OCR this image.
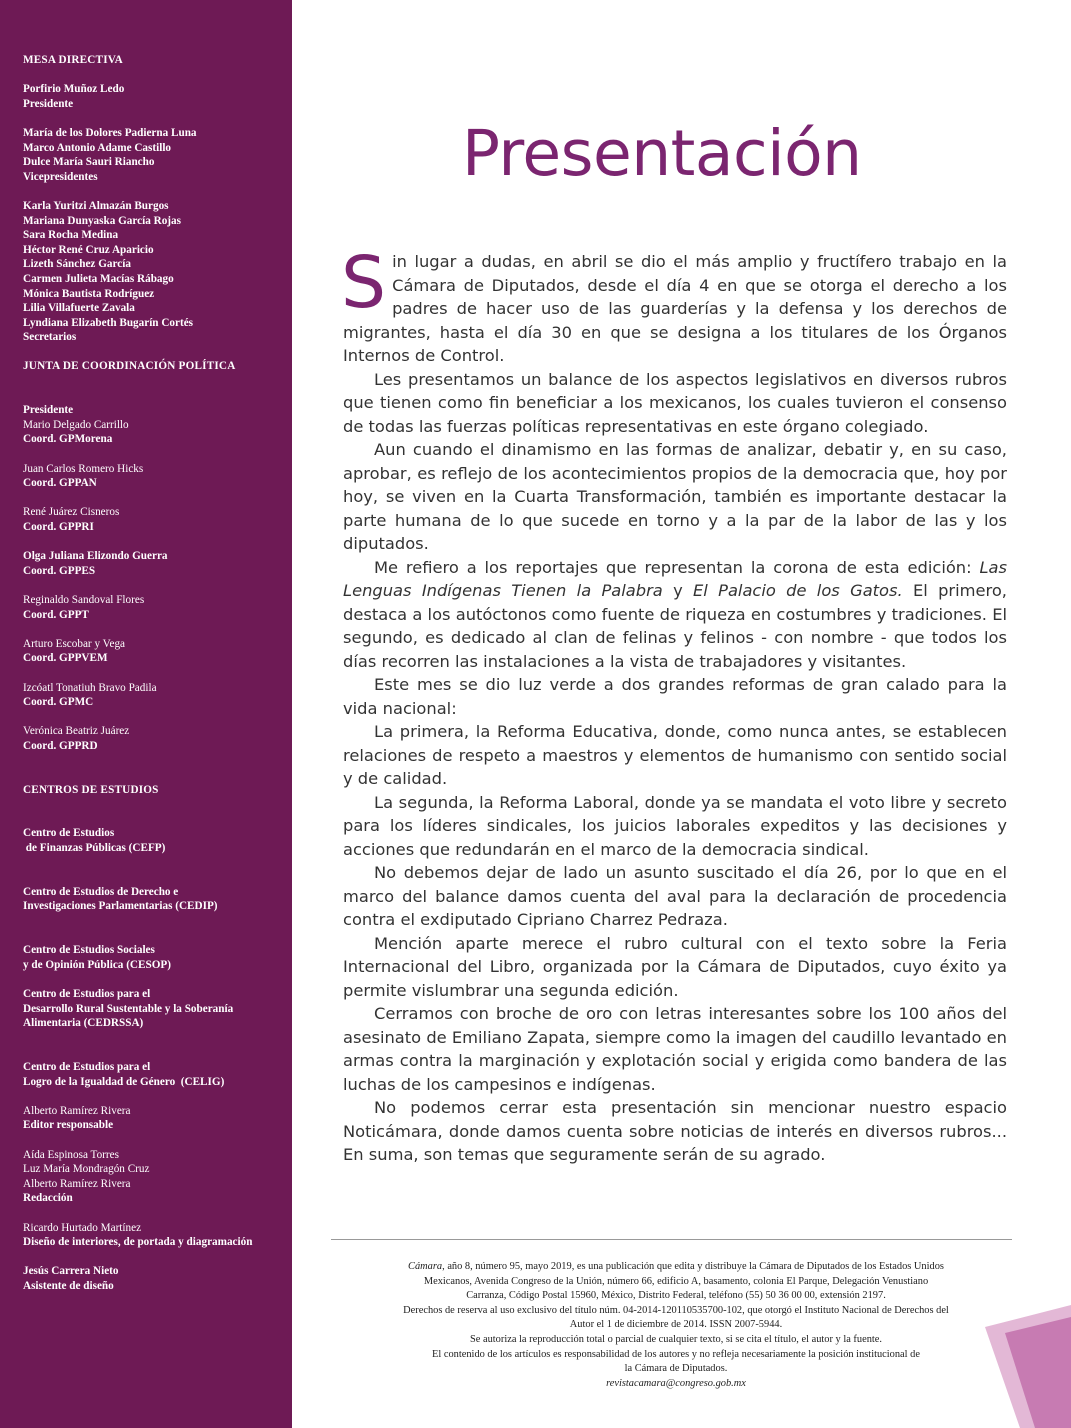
MESA DIRECTIVA
Porfirio Muñoz Ledo
Presidente
María de los Dolores Padierna Luna
Marco Antonio Adame Castillo
Dulce María Sauri Riancho
Vicepresidentes
Karla Yuritzi Almazán Burgos
Mariana Dunyaska García Rojas
Sara Rocha Medina
Héctor René Cruz Aparicio
Lizeth Sánchez García
Carmen Julieta Macías Rábago
Mónica Bautista Rodríguez
Lilia Villafuerte Zavala
Lyndiana Elizabeth Bugarín Cortés
Secretarios
JUNTA DE COORDINACIÓN POLÍTICA
Presidente
Mario Delgado Carrillo
Coord. GPMorena
Juan Carlos Romero Hicks
Coord. GPPAN
René Juárez Cisneros
Coord. GPPRI
Olga Juliana Elizondo Guerra
Coord. GPPES
Reginaldo Sandoval Flores
Coord. GPPT
Arturo Escobar y Vega
Coord. GPPVEM
Izcóatl Tonatiuh Bravo Padila
Coord. GPMC
Verónica Beatriz Juárez
Coord. GPPRD
CENTROS DE ESTUDIOS
Centro de Estudios
de Finanzas Públicas (CEFP)
Centro de Estudios de Derecho e
Investigaciones Parlamentarias (CEDIP)
Centro de Estudios Sociales
y de Opinión Pública (CESOP)
Centro de Estudios para el
Desarrollo Rural Sustentable y la Soberanía
Alimentaria (CEDRSSA)
Centro de Estudios para el
Logro de la Igualdad de Género  (CELIG)
Alberto Ramírez Rivera
Editor responsable
Aída Espinosa Torres
Luz María Mondragón Cruz
Alberto Ramírez Rivera
Redacción
Ricardo Hurtado Martínez
Diseño de interiores, de portada y diagramación
Jesús Carrera Nieto
Asistente de diseño
Presentación

Sin lugar a dudas, en abril se dio el más amplio y fructífero trabajo en la Cámara de Diputados, desde el día 4 en que se otorga el derecho a los padres de hacer uso de las guarderías y la defensa y los derechos de migrantes, hasta el día 30 en que se designa a los titulares de los Órganos Internos de Control.

Les presentamos un balance de los aspectos legislativos en diversos rubros que tienen como fin beneficiar a los mexicanos, los cuales tuvieron el consenso de todas las fuerzas políticas representativas en este órgano colegiado.

Aun cuando el dinamismo en las formas de analizar, debatir y, en su caso, aprobar, es reflejo de los acontecimientos propios de la democracia que, hoy por hoy, se viven en la Cuarta Transformación, también es importante destacar la parte humana de lo que sucede en torno y a la par de la labor de las y los diputados.

Me refiero a los reportajes que representan la corona de esta edición: Las Lenguas Indígenas Tienen la Palabra y El Palacio de los Gatos. El primero, destaca a los autóctonos como fuente de riqueza en costumbres y tradiciones. El segundo, es dedicado al clan de felinas y felinos - con nombre - que todos los días recorren las instalaciones a la vista de trabajadores y visitantes.

Este mes se dio luz verde a dos grandes reformas de gran calado para la vida nacional:

La primera, la Reforma Educativa, donde, como nunca antes, se establecen relaciones de respeto a maestros y elementos de humanismo con sentido social y de calidad.

La segunda, la Reforma Laboral, donde ya se mandata el voto libre y secreto para los líderes sindicales, los juicios laborales expeditos y las decisiones y acciones que redundarán en el marco de la democracia sindical.

No debemos dejar de lado un asunto suscitado el día 26, por lo que en el marco del balance damos cuenta del aval para la declaración de procedencia contra el exdiputado Cipriano Charrez Pedraza.

Mención aparte merece el rubro cultural con el texto sobre la Feria Internacional del Libro, organizada por la Cámara de Diputados, cuyo éxito ya permite vislumbrar una segunda edición.

Cerramos con broche de oro con letras interesantes sobre los 100 años del asesinato de Emiliano Zapata, siempre como la imagen del caudillo levantado en armas contra la marginación y explotación social y erigida como bandera de las luchas de los campesinos e indígenas.

No podemos cerrar esta presentación sin mencionar nuestro espacio Noticámara, donde damos cuenta sobre noticias de interés en diversos rubros... En suma, son temas que seguramente serán de su agrado.

Cámara, año 8, número 95, mayo 2019, es una publicación que edita y distribuye la Cámara de Diputados de los Estados Unidos
Mexicanos, Avenida Congreso de la Unión, número 66, edificio A, basamento, colonia El Parque, Delegación Venustiano
Carranza, Código Postal 15960, México, Distrito Federal, teléfono (55) 50 36 00 00, extensión 2197.
Derechos de reserva al uso exclusivo del título núm. 04-2014-120110535700-102, que otorgó el Instituto Nacional de Derechos del
Autor el 1 de diciembre de 2014. ISSN 2007-5944.
Se autoriza la reproducción total o parcial de cualquier texto, si se cita el título, el autor y la fuente.
El contenido de los artículos es responsabilidad de los autores y no refleja necesariamente la posición institucional de
la Cámara de Diputados.
revistacamara@congreso.gob.mx
